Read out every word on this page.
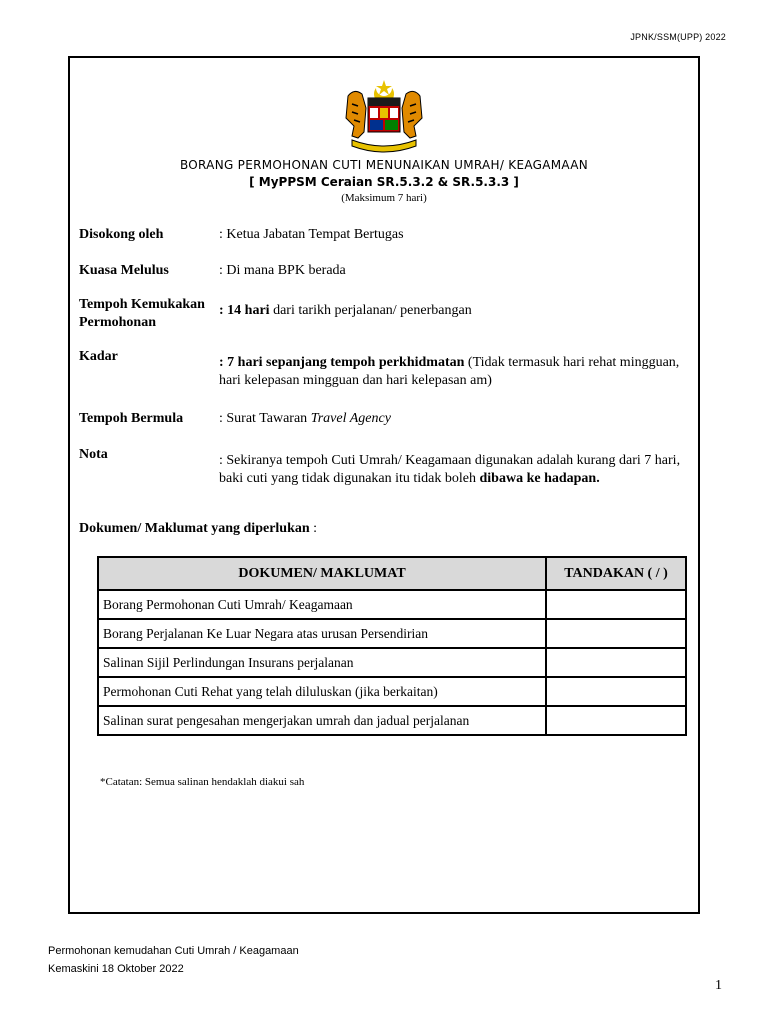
JPNK/SSM(UPP) 2022
BORANG PERMOHONAN CUTI MENUNAIKAN UMRAH/ KEAGAMAAN
[ MyPPSM Ceraian SR.5.3.2 & SR.5.3.3 ]
(Maksimum 7 hari)
Disokong oleh	: Ketua Jabatan Tempat Bertugas
Kuasa Melulus	: Di mana BPK berada
Tempoh Kemukakan
Permohonan
: 14 hari dari tarikh perjalanan/ penerbangan
Kadar	: 7 hari sepanjang tempoh perkhidmatan (Tidak termasuk hari rehat mingguan, hari kelepasan mingguan dan hari kelepasan am)
Tempoh Bermula	: Surat Tawaran Travel Agency
Nota	: Sekiranya tempoh Cuti Umrah/ Keagamaan digunakan adalah kurang dari 7 hari, baki cuti yang tidak digunakan itu tidak boleh dibawa ke hadapan.
Dokumen/ Maklumat yang diperlukan :
DOKUMEN/ MAKLUMAT	TANDAKAN ( / )
Borang Permohonan Cuti Umrah/ Keagamaan	
Borang Perjalanan Ke Luar Negara atas urusan Persendirian	
Salinan Sijil Perlindungan Insurans perjalanan	
Permohonan Cuti Rehat yang telah diluluskan (jika berkaitan)	
Salinan surat pengesahan mengerjakan umrah dan jadual perjalanan	
*Catatan: Semua salinan hendaklah diakui sah
Permohonan kemudahan Cuti Umrah / Keagamaan
Kemaskini 18 Oktober 2022
1
